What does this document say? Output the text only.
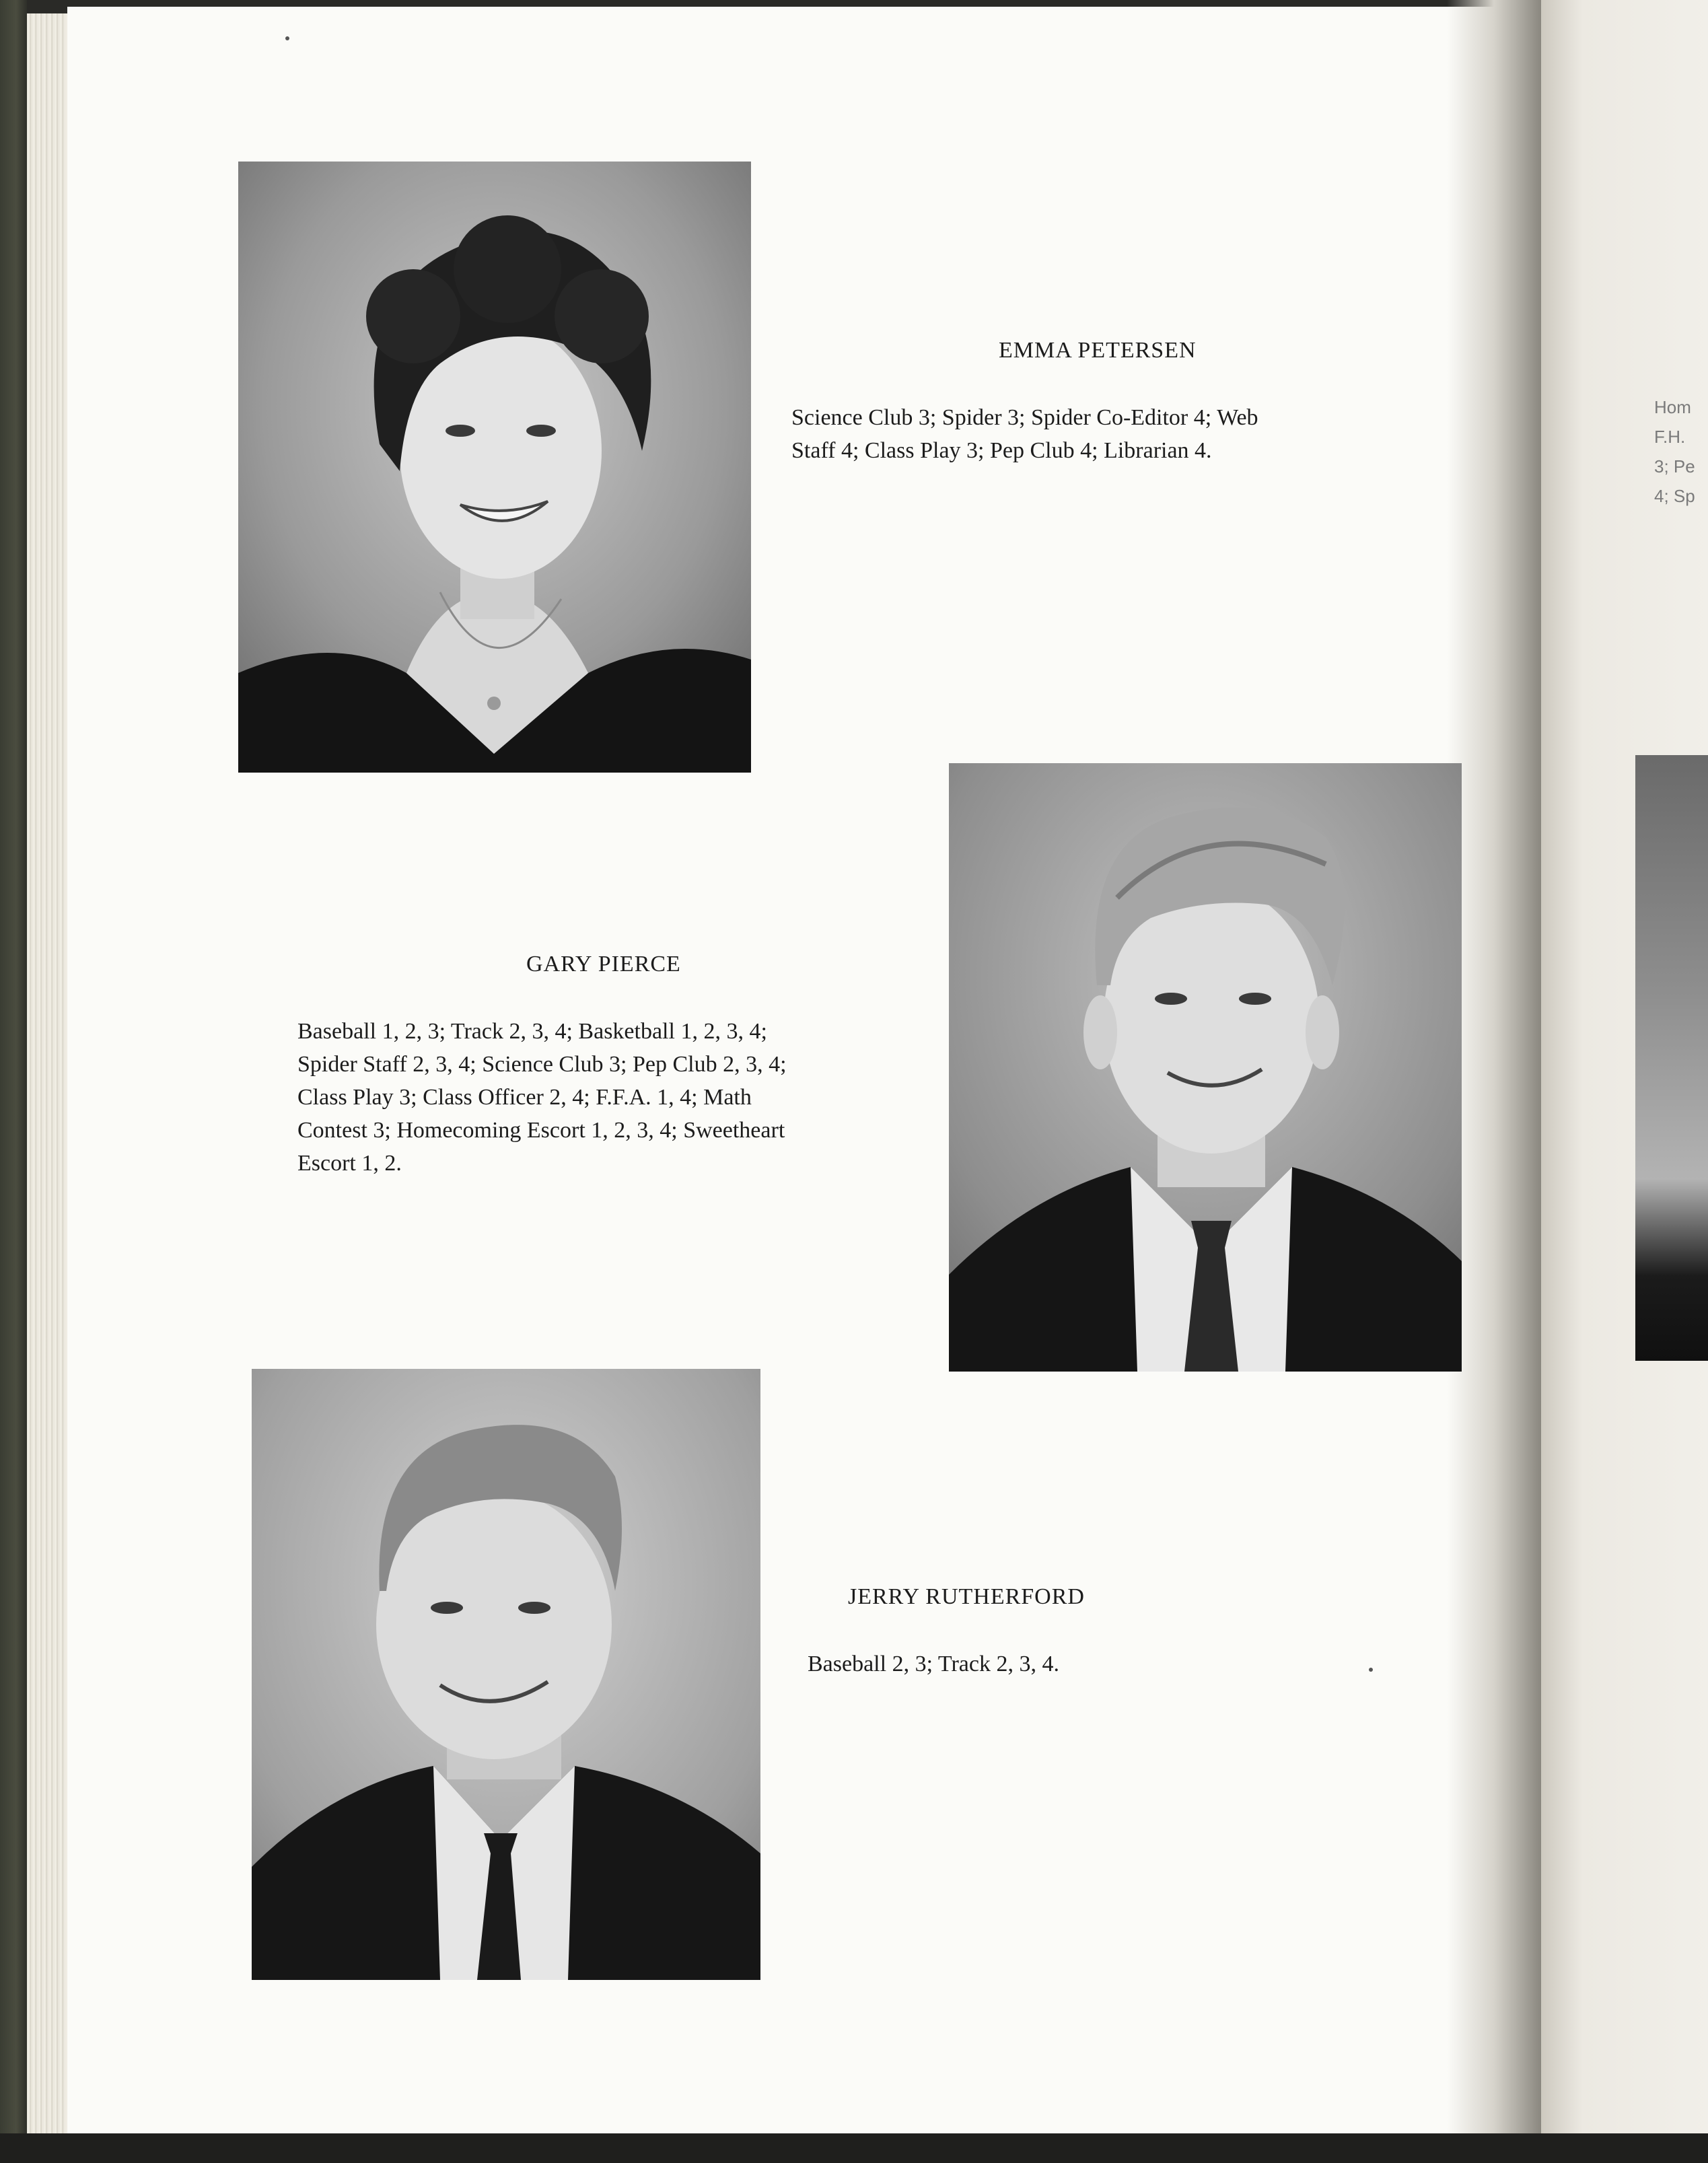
EMMA PETERSEN
Science Club 3; Spider 3; Spider Co-Editor 4; Web
Staff 4; Class Play 3; Pep Club 4; Librarian 4.
GARY PIERCE
Baseball 1, 2, 3; Track 2, 3, 4; Basketball 1, 2, 3, 4;
Spider Staff 2, 3, 4; Science Club 3; Pep Club 2, 3, 4;
Class Play 3; Class Officer 2, 4; F.F.A. 1, 4; Math
Contest 3; Homecoming Escort 1, 2, 3, 4; Sweetheart
Escort 1, 2.
JERRY RUTHERFORD
Baseball 2, 3; Track 2, 3, 4.
Hom
F.H.
3; Pe
4; Sp
